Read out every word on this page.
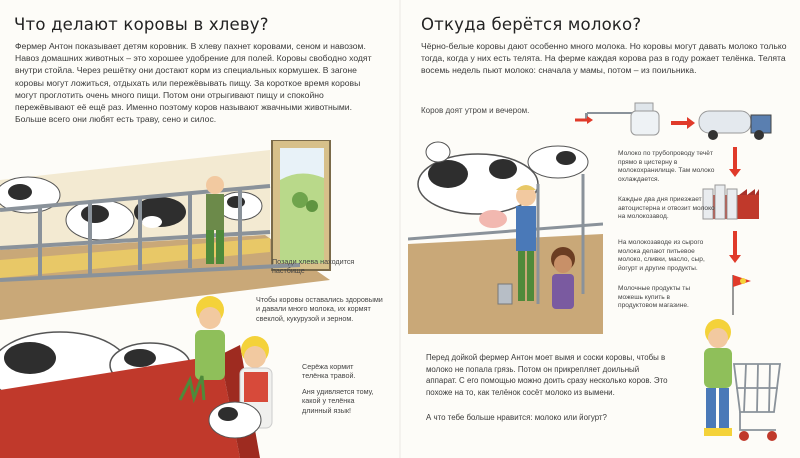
Что делают коровы в хлеву?

Фермер Антон показывает детям коровник. В хлеву пахнет коровами, сеном и навозом. Навоз домашних животных – это хорошее удобрение для полей. Коровы свободно ходят внутри стойла. Через решётку они достают корм из специальных кормушек. В загоне коровы могут ложиться, отдыхать или пережёвывать пищу. За короткое время коровы могут проглотить очень много пищи. Потом они отрыгивают пищу и спокойно пережёвывают её ещё раз. Именно поэтому коров называют жвачными животными. Больше всего они любят есть траву, сено и силос.

Позади хлева находится пастбище

Чтобы коровы оставались здоровыми и давали много молока, их кормят свеклой, кукурузой и зерном.

Серёжа кормит телёнка травой.

Аня удивляется тому, какой у телёнка длинный язык!

Откуда берётся молоко?

Чёрно-белые коровы дают особенно много молока. Но коровы могут давать молоко только тогда, когда у них есть телята. На ферме каждая корова раз в году рожает телёнка. Телята восемь недель пьют молоко: сначала у мамы, потом – из поильника.

Коров доят утром и вечером.

Молоко по трубопроводу течёт прямо в цистерну в молокохранилище. Там молоко охлаждается.

Каждые два дня приезжает автоцистерна и отвозит молоко на молокозавод.

На молокозаводе из сырого молока делают питьевое молоко, сливки, масло, сыр, йогурт и другие продукты.

Молочные продукты ты можешь купить в продуктовом магазине.

Перед дойкой фермер Антон моет вымя и соски коровы, чтобы в молоко не попала грязь. Потом он прикрепляет доильный аппарат. С его помощью можно доить сразу несколько коров. Это похоже на то, как телёнок сосёт молоко из вымени.

А что тебе больше нравится: молоко или йогурт?
